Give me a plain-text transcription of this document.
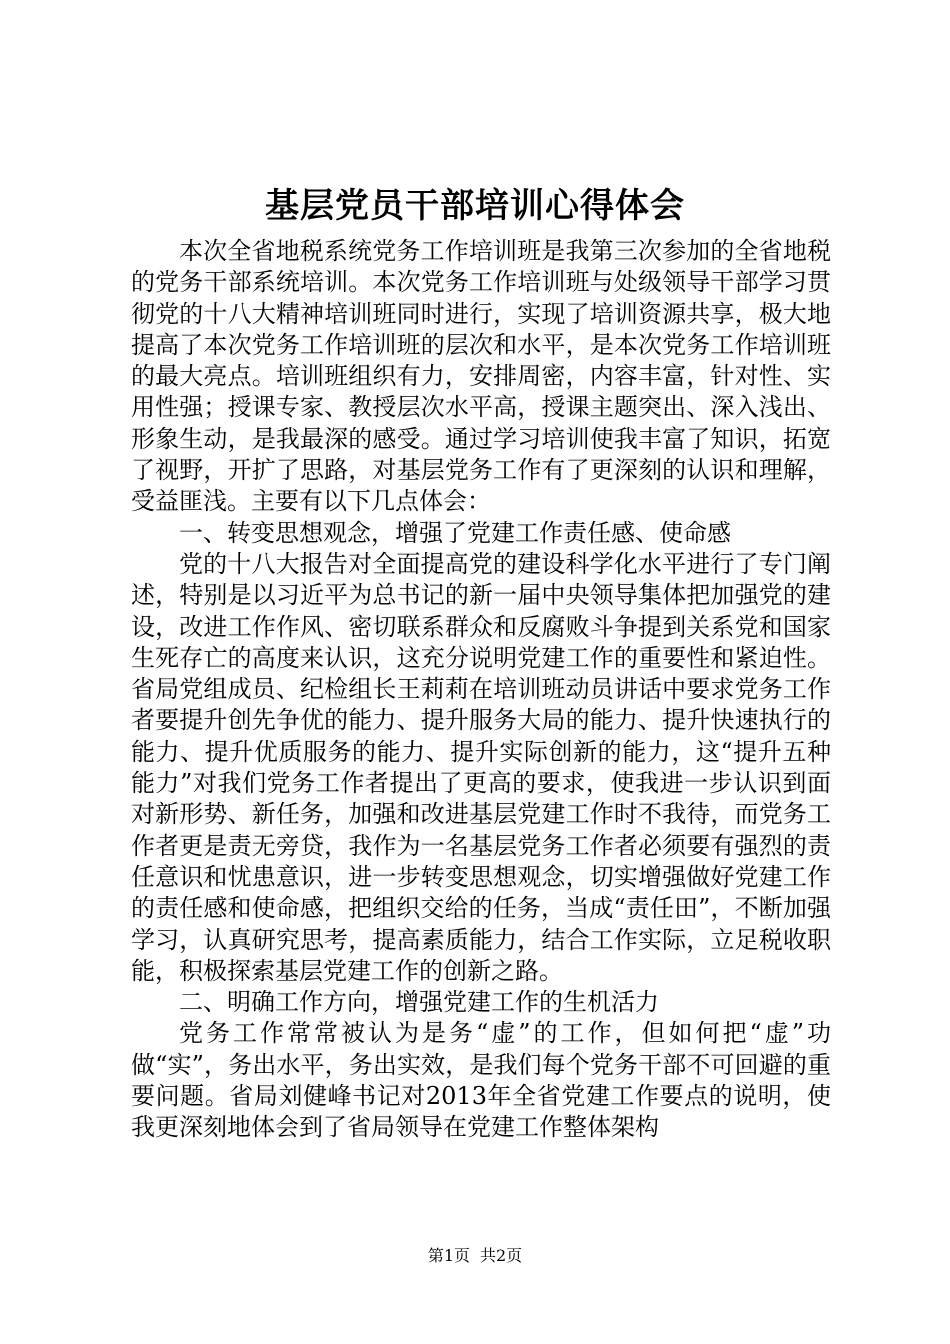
基层党员干部培训心得体会

本次全省地税系统党务工作培训班是我第三次参加的全省地税的党务干部系统培训。本次党务工作培训班与处级领导干部学习贯彻党的十八大精神培训班同时进行，实现了培训资源共享，极大地提高了本次党务工作培训班的层次和水平，是本次党务工作培训班的最大亮点。培训班组织有力，安排周密，内容丰富，针对性、实用性强；授课专家、教授层次水平高，授课主题突出、深入浅出、形象生动，是我最深的感受。通过学习培训使我丰富了知识，拓宽了视野，开扩了思路，对基层党务工作有了更深刻的认识和理解，受益匪浅。主要有以下几点体会：

一、转变思想观念，增强了党建工作责任感、使命感

党的十八大报告对全面提高党的建设科学化水平进行了专门阐述，特别是以习近平为总书记的新一届中央领导集体把加强党的建设，改进工作作风、密切联系群众和反腐败斗争提到关系党和国家生死存亡的高度来认识，这充分说明党建工作的重要性和紧迫性。省局党组成员、纪检组长王莉莉在培训班动员讲话中要求党务工作者要提升创先争优的能力、提升服务大局的能力、提升快速执行的能力、提升优质服务的能力、提升实际创新的能力，这“提升五种能力”对我们党务工作者提出了更高的要求，使我进一步认识到面对新形势、新任务，加强和改进基层党建工作时不我待，而党务工作者更是责无旁贷，我作为一名基层党务工作者必须要有强烈的责任意识和忧患意识，进一步转变思想观念，切实增强做好党建工作的责任感和使命感，把组织交给的任务，当成“责任田”，不断加强学习，认真研究思考，提高素质能力，结合工作实际，立足税收职能，积极探索基层党建工作的创新之路。

二、明确工作方向，增强党建工作的生机活力

党务工作常常被认为是务“虚”的工作，但如何把“虚”功做“实”，务出水平，务出实效，是我们每个党务干部不可回避的重要问题。省局刘健峰书记对2013年全省党建工作要点的说明，使我更深刻地体会到了省局领导在党建工作整体架构

第1页 共2页
